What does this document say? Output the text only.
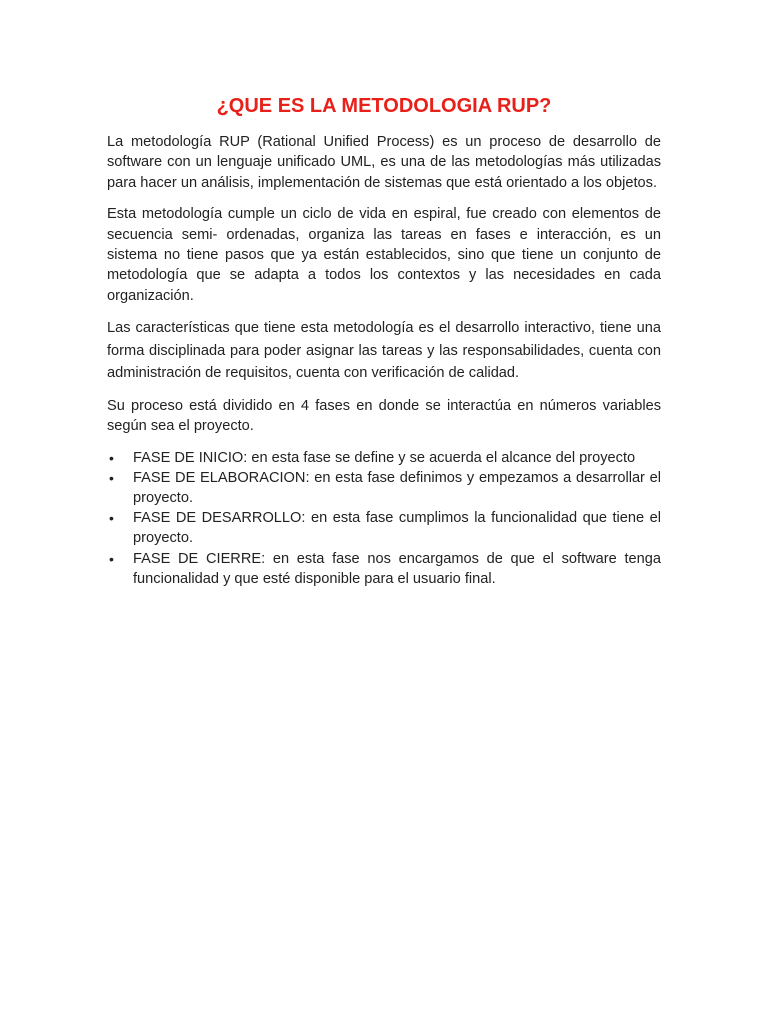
¿QUE ES LA METODOLOGIA RUP?

La metodología RUP (Rational Unified Process) es un proceso de desarrollo de software con un lenguaje unificado UML, es una de las metodologías más utilizadas para hacer un análisis, implementación de sistemas que está orientado a los objetos.

Esta metodología cumple un ciclo de vida en espiral, fue creado con elementos de secuencia semi- ordenadas, organiza las tareas en fases e interacción, es un sistema no tiene pasos que ya están establecidos, sino que tiene un conjunto de metodología que se adapta a todos los contextos y las necesidades en cada organización.

Las características que tiene esta metodología es el desarrollo interactivo, tiene una forma disciplinada para poder asignar las tareas y las responsabilidades, cuenta con administración de requisitos, cuenta con verificación de calidad.

Su proceso está dividido en 4 fases en donde se interactúa en números variables según sea el proyecto.

• FASE DE INICIO: en esta fase se define y se acuerda el alcance del proyecto
• FASE DE ELABORACION: en esta fase definimos y empezamos a desarrollar el proyecto.
• FASE DE DESARROLLO: en esta fase cumplimos la funcionalidad que tiene el proyecto.
• FASE DE CIERRE: en esta fase nos encargamos de que el software tenga funcionalidad y que esté disponible para el usuario final.
